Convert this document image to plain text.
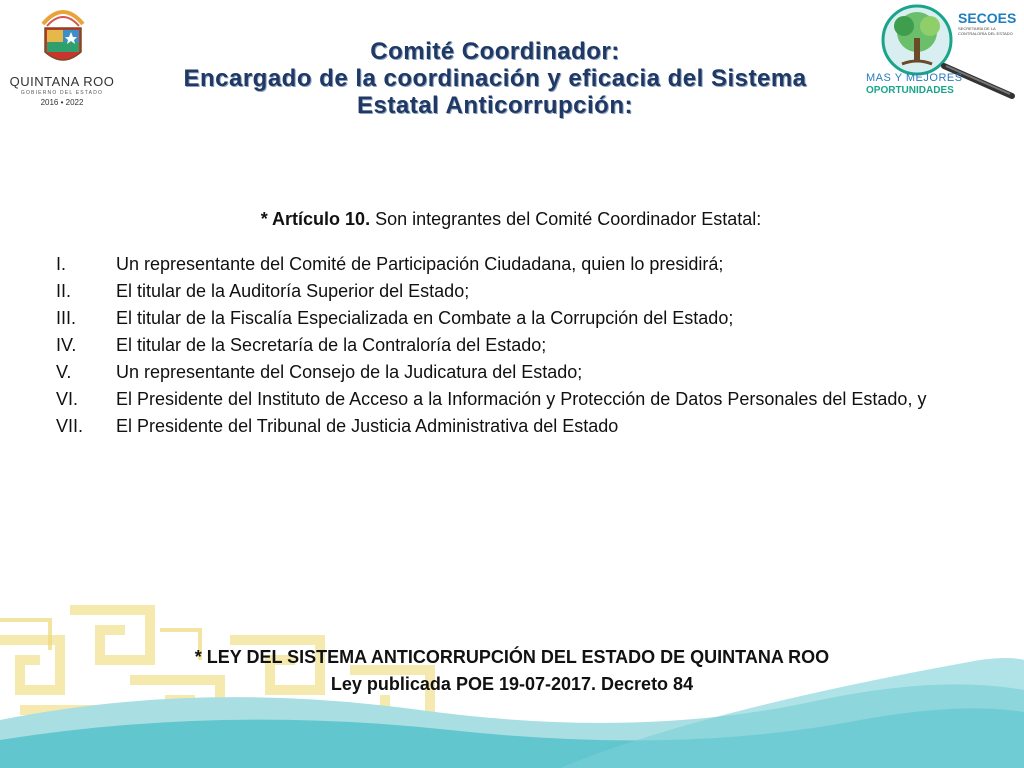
QUINTANA ROO
GOBIERNO DEL ESTADO
2016 • 2022
Comité Coordinador:
Encargado de la coordinación y eficacia del Sistema
Estatal Anticorrupción:
SECOES
SECRETARÍA DE LA CONTRALORÍA DEL ESTADO
MAS Y MEJORES
OPORTUNIDADES

* Artículo 10. Son integrantes del Comité Coordinador Estatal:

I.	Un representante del Comité de Participación Ciudadana, quien lo presidirá;
II. El titular de la Auditoría Superior del Estado;
III. El titular de la Fiscalía Especializada en Combate a la Corrupción del Estado;
IV. El titular de la Secretaría de la Contraloría del Estado;
V. Un representante del Consejo de la Judicatura del Estado;
VI. El Presidente del Instituto de Acceso a la Información y Protección de Datos Personales del Estado, y
VII. El Presidente del Tribunal de Justicia Administrativa del Estado
* LEY DEL SISTEMA ANTICORRUPCIÓN DEL ESTADO DE QUINTANA ROO
Ley publicada POE 19-07-2017. Decreto 84
